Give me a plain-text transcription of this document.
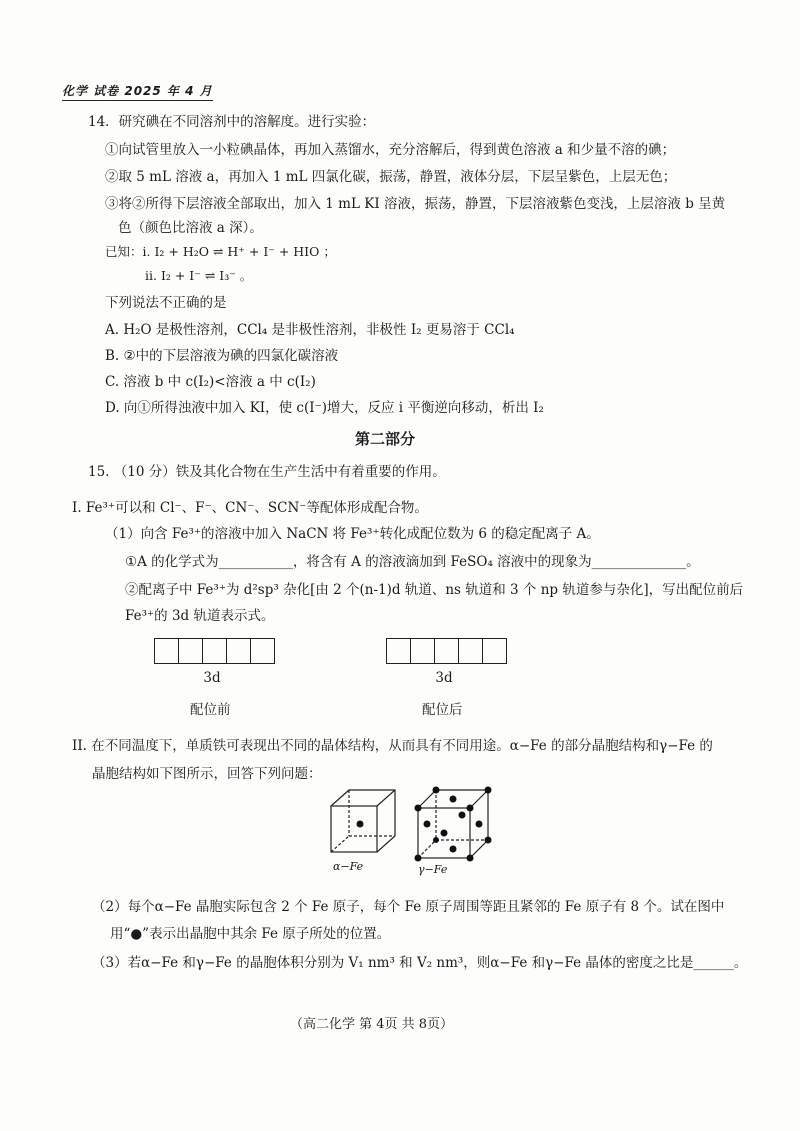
化学 试卷 2025 年 4 月
14．研究碘在不同溶剂中的溶解度。进行实验：
①向试管里放入一小粒碘晶体，再加入蒸馏水，充分溶解后，得到黄色溶液 a 和少量不溶的碘；
②取 5 mL 溶液 a，再加入 1 mL 四氯化碳，振荡，静置，液体分层，下层呈紫色，上层无色；
③将②所得下层溶液全部取出，加入 1 mL KI 溶液，振荡，静置，下层溶液紫色变浅，上层溶液 b 呈黄
色（颜色比溶液 a 深）。
已知：ⅰ. I₂ + H₂O ⇌ H⁺ + I⁻ + HIO ；
ⅱ. I₂ + I⁻ ⇌ I₃⁻ 。
下列说法不正确的是
A. H₂O 是极性溶剂，CCl₄ 是非极性溶剂，非极性 I₂ 更易溶于 CCl₄
B. ②中的下层溶液为碘的四氯化碳溶液
C. 溶液 b 中 c(I₂)<溶液 a 中 c(I₂)
D. 向①所得浊液中加入 KI，使 c(I⁻)增大，反应 ⅰ 平衡逆向移动，析出 I₂
第二部分
15. （10 分）铁及其化合物在生产生活中有着重要的作用。
I. Fe³⁺可以和 Cl⁻、F⁻、CN⁻、SCN⁻等配体形成配合物。
（1）向含 Fe³⁺的溶液中加入 NaCN 将 Fe³⁺转化成配位数为 6 的稳定配离子 A。
①A 的化学式为___________，将含有 A 的溶液滴加到 FeSO₄ 溶液中的现象为______________。
②配离子中 Fe³⁺为 d²sp³ 杂化[由 2 个(n-1)d 轨道、ns 轨道和 3 个 np 轨道参与杂化]，写出配位前后
Fe³⁺的 3d 轨道表示式。
3d	3d
配位前	配位后
II. 在不同温度下，单质铁可表现出不同的晶体结构，从而具有不同用途。α−Fe 的部分晶胞结构和γ−Fe 的
晶胞结构如下图所示，回答下列问题：
α−Fe	γ−Fe
（2）每个α−Fe 晶胞实际包含 2 个 Fe 原子，每个 Fe 原子周围等距且紧邻的 Fe 原子有 8 个。试在图中
用“●”表示出晶胞中其余 Fe 原子所处的位置。
（3）若α−Fe 和γ−Fe 的晶胞体积分别为 V₁ nm³ 和 V₂ nm³，则α−Fe 和γ−Fe 晶体的密度之比是______。
（高二化学 第 4页 共 8页）
